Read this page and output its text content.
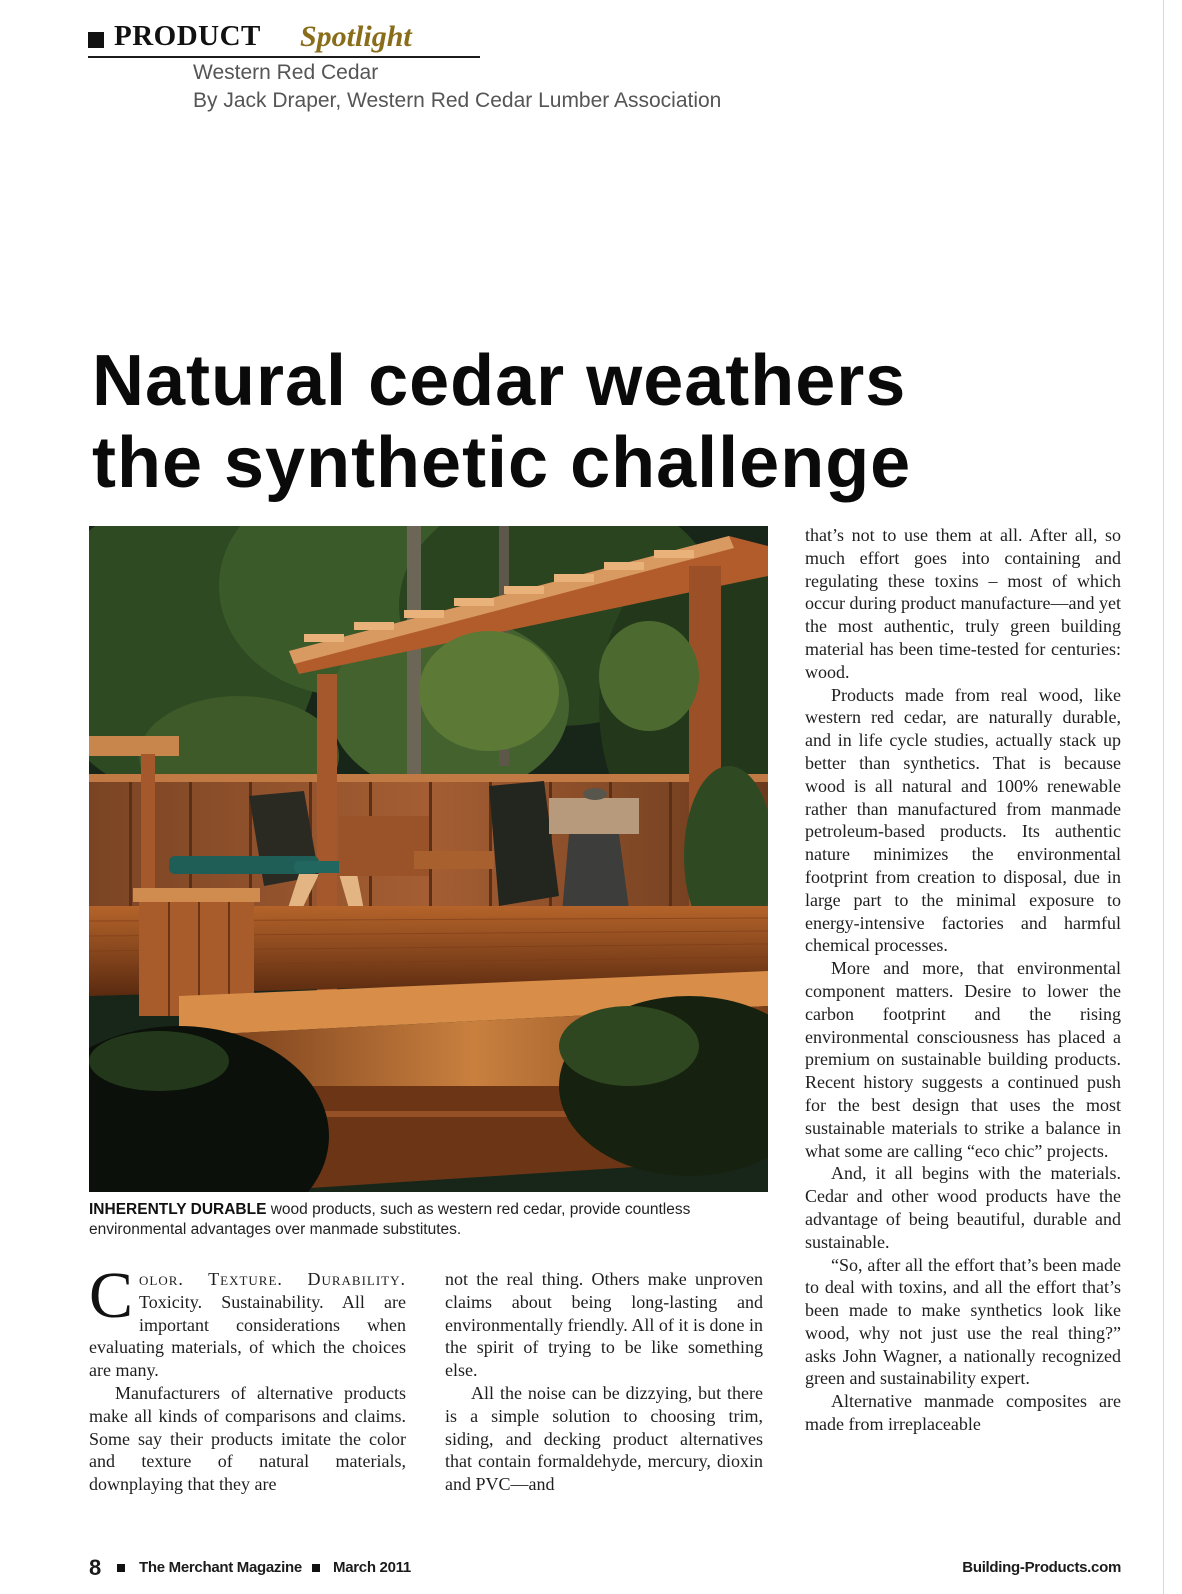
PRODUCT Spotlight
Western Red Cedar
By Jack Draper, Western Red Cedar Lumber Association
Natural cedar weathers
the synthetic challenge
INHERENTLY DURABLE wood products, such as western red cedar, provide countless environmental advantages over manmade substitutes.

Color. Texture. Durability. Toxicity. Sustainability. All are important considerations when evaluating materials, of which the choices are many.

Manufacturers of alternative products make all kinds of comparisons and claims. Some say their products imitate the color and texture of natural materials, downplaying that they are

not the real thing. Others make unproven claims about being long-lasting and environmentally friendly. All of it is done in the spirit of trying to be like something else.

All the noise can be dizzying, but there is a simple solution to choosing trim, siding, and decking product alternatives that contain formaldehyde, mercury, dioxin and PVC—and

that’s not to use them at all. After all, so much effort goes into containing and regulating these toxins – most of which occur during product manufacture—and yet the most authentic, truly green building material has been time-tested for centuries: wood.

Products made from real wood, like western red cedar, are naturally durable, and in life cycle studies, actually stack up better than synthetics. That is because wood is all natural and 100% renewable rather than manufactured from manmade petroleum-based products. Its authentic nature minimizes the environmental footprint from creation to disposal, due in large part to the minimal exposure to energy-intensive factories and harmful chemical processes.

More and more, that environmental component matters. Desire to lower the carbon footprint and the rising environmental consciousness has placed a premium on sustainable building products. Recent history suggests a continued push for the best design that uses the most sustainable materials to strike a balance in what some are calling “eco chic” projects.

And, it all begins with the materials. Cedar and other wood products have the advantage of being beautiful, durable and sustainable.

“So, after all the effort that’s been made to deal with toxins, and all the effort that’s been made to make synthetics look like wood, why not just use the real thing?” asks John Wagner, a nationally recognized green and sustainability expert.

Alternative manmade composites are made from irreplaceable

8	The Merchant Magazine March 2011	Building-Products.com
